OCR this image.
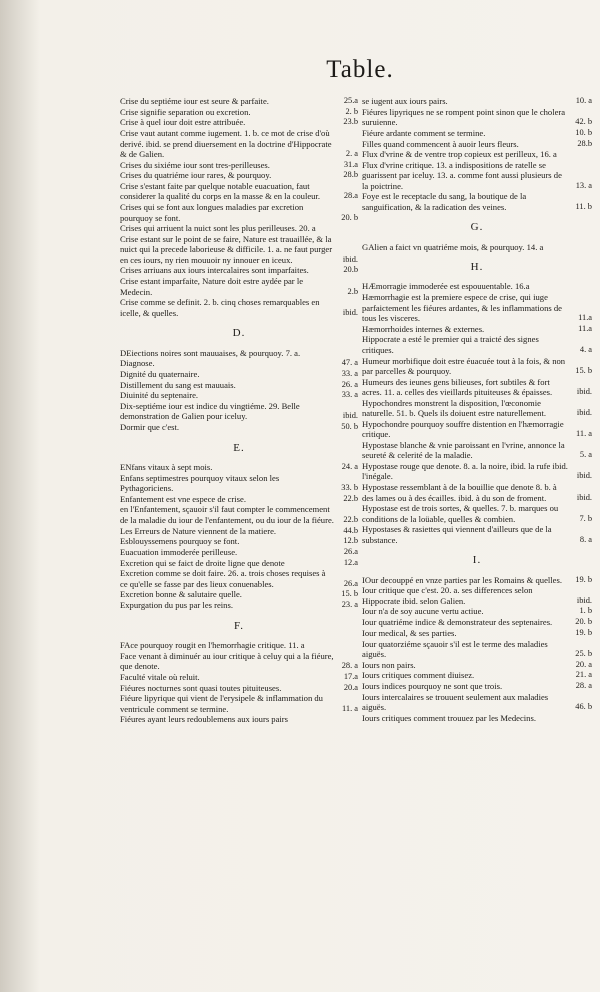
Table.
Crise du septiéme iour est seure & parfaite.	25.a
Crise signifie separation ou excretion.	2. b
Crise à quel iour doit estre attribuée.	23.b
Crise vaut autant comme iugement. 1. b. ce mot de crise d'où derivé. ibid. se prend diuersement en la doctrine d'Hippocrate & de Galien.	2. a
Crises du sixiéme iour sont tres-perilleuses.	31.a
Crises du quatriéme iour rares, & pourquoy.	28.b
Crise s'estant faite par quelque notable euacuation, faut considerer la qualité du corps en la masse & en la couleur.	28.a
Crises qui se font aux longues maladies par excretion pourquoy se font.	20. b
Crises qui arriuent la nuict sont les plus perilleuses. 20. a
Crise estant sur le point de se faire, Nature est trauaillée, & la nuict qui la precede laborieuse & difficile. 1. a. ne faut purger en ces iours, ny rien mouuoir ny innouer en iceux.	ibid.
Crises arriuans aux iours intercalaires sont imparfaites.	20.b
Crise estant imparfaite, Nature doit estre aydée par le Medecin.	2.b
Crise comme se definit. 2. b. cinq choses remarquables en icelle, & quelles.	ibid.
D.
DEiections noires sont mauuaises, & pourquoy. 7. a.
Diagnose.	47. a
Dignité du quaternaire.	33. a
Distillement du sang est mauuais.	26. a
Diuinité du septenaire.	33. a
Dix-septiéme iour est indice du vingtiéme. 29. Belle demonstration de Galien pour iceluy.	ibid.
Dormir que c'est.	50. b
E.
ENfans vitaux à sept mois.	24. a
Enfans septimestres pourquoy vitaux selon les Pythagoriciens.	33. b
Enfantement est vne espece de crise.	22.b
en l'Enfantement, sçauoir s'il faut compter le commencement de la maladie du iour de l'enfantement, ou du iour de la fiéure. 22.b
Les Erreurs de Nature viennent de la matiere.	44.b
Esblouyssemens pourquoy se font.	12.b
Euacuation immoderée perilleuse.	26.a
Excretion qui se faict de droite ligne que denote	12.a
Excretion comme se doit faire. 26. a. trois choses requises à ce qu'elle se fasse par des lieux conuenables.	26.a
Excretion bonne & salutaire quelle.	15. b
Expurgation du pus par les reins.	23. a
F.
FAce pourquoy rougit en l'hemorrhagie critique. 11. a
Face venant à diminuér au iour critique à celuy qui a la fiéure, que denote.	28. a
Faculté vitale où reluit.	17.a
Fiéures nocturnes sont quasi toutes pituiteuses.	20.a
Fiéure lipyrique qui vient de l'erysipele & inflammation du ventricule comment se termine.	11. a
Fiéures ayant leurs redoublemens aux iours pairs
se iugent aux iours pairs.	10. a
Fiéures lipyriques ne se rompent point sinon que le cholera suruienne.	42. b
Fiéure ardante comment se termine.	10. b
Filles quand commencent à auoir leurs fleurs.	28.b
Flux d'vrine & de ventre trop copieux est perilleux, 16. a
Flux d'vrine critique. 13. a indispositions de ratelle se guarissent par iceluy. 13. a. comme font aussi plusieurs de la poictrine.	13. a
Foye est le receptacle du sang, la boutique de la sanguification, & la radication des veines.	11. b
G.
GAlien a faict vn quatriéme mois, & pourquoy. 14. a
H.
HÆmorragie immoderée est espouuentable. 16.a
Hæmorrhagie est la premiere espece de crise, qui iuge parfaictement les fiéures ardantes, & les inflammations de tous les visceres.	11.a
Hæmorrhoides internes & externes.	11.a
Hippocrate a esté le premier qui a traicté des signes critiques.	4. a
Humeur morbifique doit estre éuacuée tout à la fois, & non par parcelles & pourquoy.	15. b
Humeurs des ieunes gens bilieuses, fort subtiles & fort acres. 11. a. celles des vieillards pituiteuses & épaisses.	ibid.
Hypochondres monstrent la disposition, l'œconomie naturelle. 51. b. Quels ils doiuent estre naturellement.	ibid.
Hypochondre pourquoy souffre distention en l'hæmorragie critique.	11. a
Hypostase blanche & vnie paroissant en l'vrine, annonce la seureté & celerité de la maladie.	5. a
Hypostase rouge que denote. 8. a. la noire, ibid. la rufe ibid. l'inégale.	ibid.
Hypostase ressemblant à de la bouillie que denote 8. b. à des lames ou à des écailles. ibid. à du son de froment.	ibid.
Hypostase est de trois sortes, & quelles. 7. b. marques ou conditions de la loüable, quelles & combien.	7. b
Hypostases & rasiettes qui viennent d'ailleurs que de la substance.	8. a
I.
IOur decouppé en vnze parties par les Romains & quelles. 19. b
Iour critique que c'est. 20. a. ses differences selon Hippocrate ibid. selon Galien.	ibid.
Iour n'a de soy aucune vertu actiue.	1. b
Iour quatriéme indice & demonstrateur des septenaires.	20. b
Iour medical, & ses parties.	19. b
Iour quatorziéme sçauoir s'il est le terme des maladies aiguës.	25. b
Iours non pairs.	20. a
Iours critiques comment diuisez.	21. a
Iours indices pourquoy ne sont que trois.	28. a
Iours intercalaires se trouuent seulement aux maladies aiguës.	46. b
Iours critiques comment trouuez par les Medecins.
